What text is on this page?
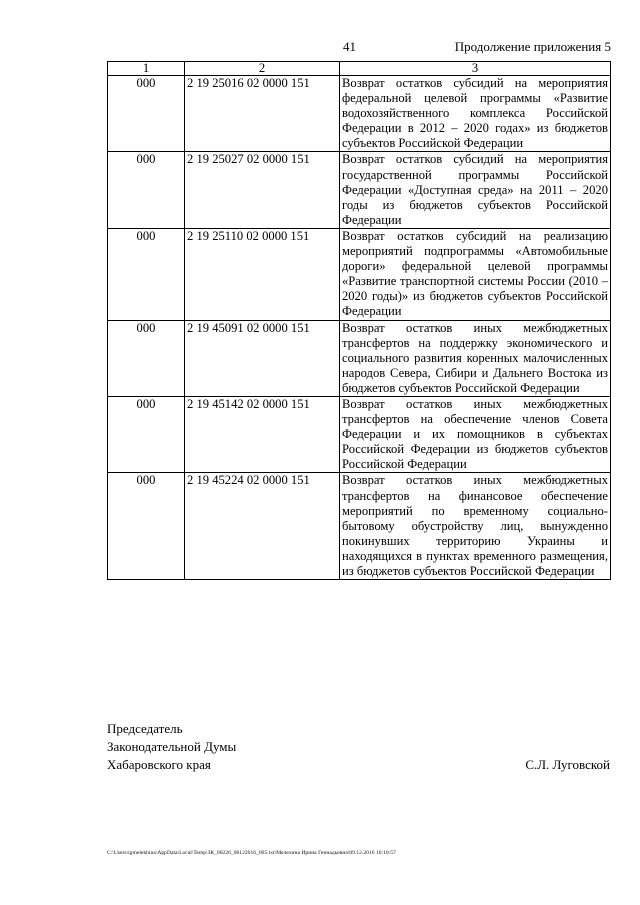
41	Продолжение приложения 5
1	2	3
000	2 19 25016 02 0000 151	Возврат остатков субсидий на мероприятия федеральной целевой программы «Развитие водохозяйственного комплекса Российской Федерации в 2012 – 2020 годах» из бюджетов субъектов Российской Федерации
000	2 19 25027 02 0000 151	Возврат остатков субсидий на мероприятия государственной программы Российской Федерации «Доступная среда» на 2011 – 2020 годы из бюджетов субъектов Российской Федерации
000	2 19 25110 02 0000 151	Возврат остатков субсидий на реализацию мероприятий подпрограммы «Автомобильные дороги» федеральной целевой программы «Развитие транспортной системы России (2010 – 2020 годы)» из бюджетов субъектов Российской Федерации
000	2 19 45091 02 0000 151	Возврат остатков иных межбюджетных трансфертов на поддержку экономического и социального развития коренных малочисленных народов Севера, Сибири и Дальнего Востока из бюджетов субъектов Российской Федерации
000	2 19 45142 02 0000 151	Возврат остатков иных межбюджетных трансфертов на обеспечение членов Совета Федерации и их помощников в субъектах Российской Федерации из бюджетов субъектов Российской Федерации
000	2 19 45224 02 0000 151	Возврат остатков иных межбюджетных трансфертов на финансовое обеспечение мероприятий по временному социально-бытовому обустройству лиц, вынужденно покинувших территорию Украины и находящихся в пунктах временного размещения, из бюджетов субъектов Российской Федерации
Председатель
Законодательной Думы
Хабаровского края	С.Л. Луговской
C:\Users\igmelekhina\AppData\Local\Temp\ЗК_00226_06122016_005.txt\Мелехина Ирина Геннадьевна\09.12.2016 10:10:57
